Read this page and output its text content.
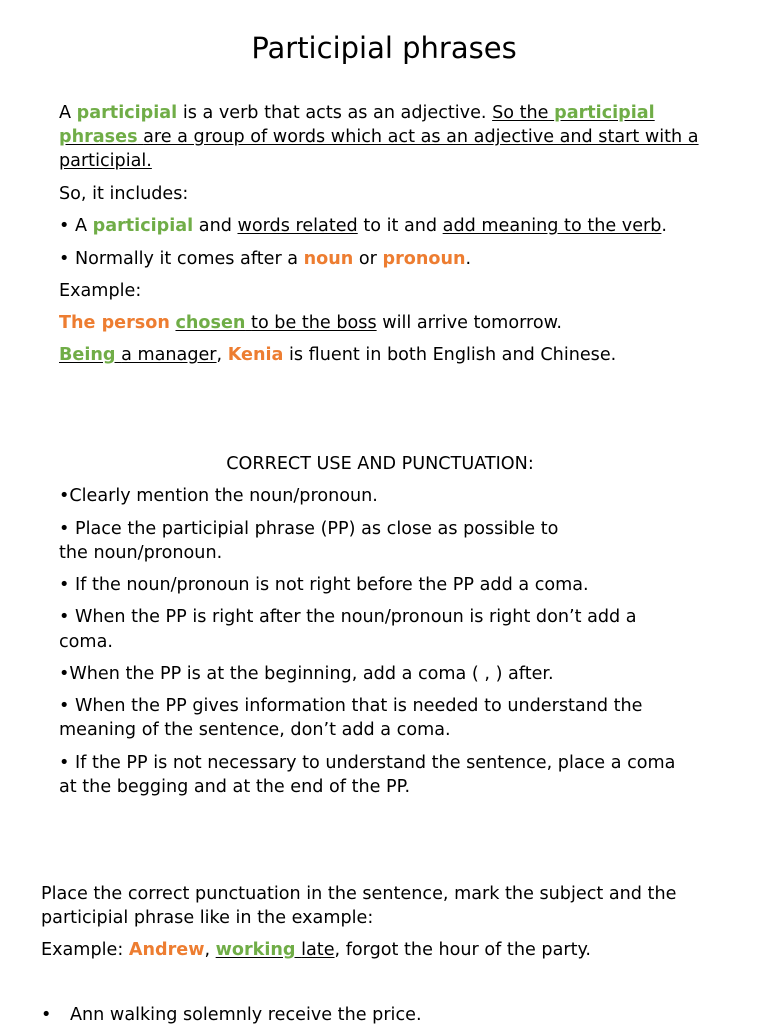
Participial phrases
A participial is a verb that acts as an adjective. So the participial
phrases are a group of words which act as an adjective and start with a
participial.
So, it includes:
• A participial and words related to it and add meaning to the verb.
• Normally it comes after a noun or pronoun.
Example:
The person chosen to be the boss will arrive tomorrow.
Being a manager, Kenia is fluent in both English and Chinese.
CORRECT USE AND PUNCTUATION:
•Clearly mention the noun/pronoun.
• Place the participial phrase (PP) as close as possible to
the noun/pronoun.
• If the noun/pronoun is not right before the PP add a coma.
• When the PP is right after the noun/pronoun is right don’t add a
coma.
•When the PP is at the beginning, add a coma ( , ) after.
• When the PP gives information that is needed to understand the
meaning of the sentence, don’t add a coma.
• If the PP is not necessary to understand the sentence, place a coma
at the begging and at the end of the PP.
Place the correct punctuation in the sentence, mark the subject and the
participial phrase like in the example:
Example: Andrew, working late, forgot the hour of the party.
• Ann walking solemnly receive the price.
